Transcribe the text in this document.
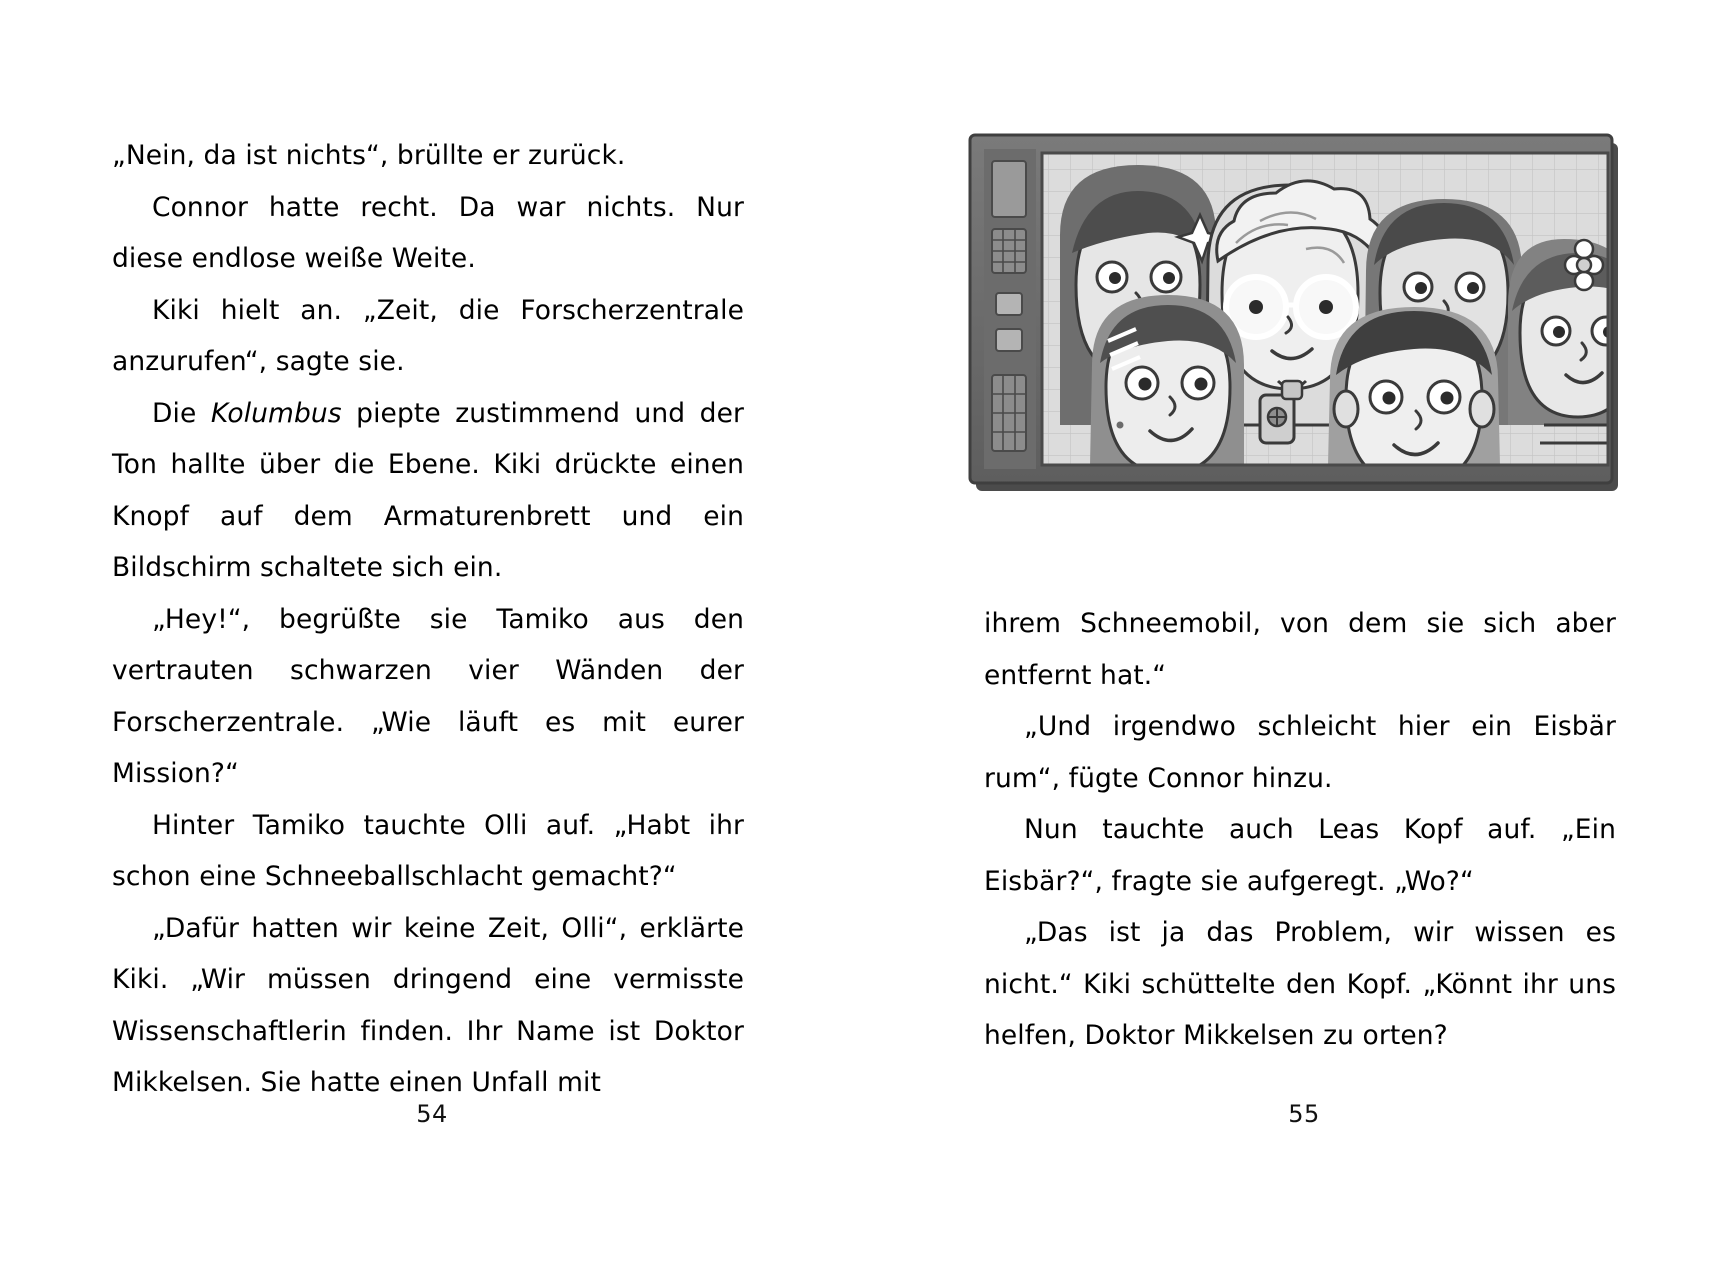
„Nein, da ist nichts“, brüllte er zurück.

Connor hatte recht. Da war nichts. Nur diese endlose weiße Weite.

Kiki hielt an. „Zeit, die Forscherzentrale anzurufen“, sagte sie.

Die Kolumbus piepte zustimmend und der Ton hallte über die Ebene. Kiki drückte einen Knopf auf dem Armaturenbrett und ein Bildschirm schaltete sich ein.

„Hey!“, begrüßte sie Tamiko aus den vertrauten schwarzen vier Wänden der Forscherzentrale. „Wie läuft es mit eurer Mission?“

Hinter Tamiko tauchte Olli auf. „Habt ihr schon eine Schneeballschlacht gemacht?“

„Dafür hatten wir keine Zeit, Olli“, erklärte Kiki. „Wir müssen dringend eine vermisste Wissenschaftlerin finden. Ihr Name ist Doktor Mikkelsen. Sie hatte einen Unfall mit

54

ihrem Schneemobil, von dem sie sich aber entfernt hat.“

„Und irgendwo schleicht hier ein Eisbär rum“, fügte Connor hinzu.

Nun tauchte auch Leas Kopf auf. „Ein Eisbär?“, fragte sie aufgeregt. „Wo?“

„Das ist ja das Problem, wir wissen es nicht.“ Kiki schüttelte den Kopf. „Könnt ihr uns helfen, Doktor Mikkelsen zu orten?

55
